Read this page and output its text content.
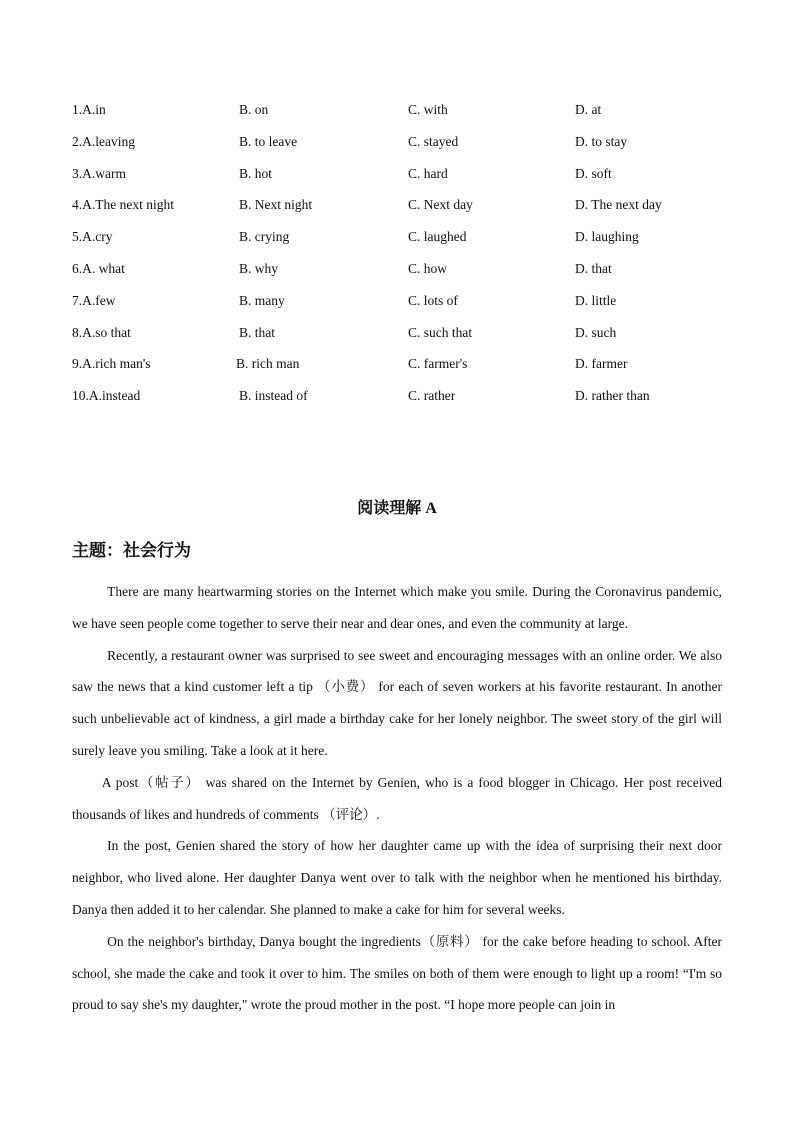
1.A.in	B. on	C. with	D. at
2.A.leaving	B. to leave	C. stayed	D. to stay
3.A.warm	B. hot	C. hard	D. soft
4.A.The next night	B. Next night	C. Next day	D. The next day
5.A.cry	B. crying	C. laughed	D. laughing
6.A. what	B. why	C. how	D. that
7.A.few	B. many	C. lots of	D. little
8.A.so that	B. that	C. such that	D. such
9.A.rich man's	B. rich man	C. farmer's	D. farmer
10.A.instead	B. instead of	C. rather	D. rather than
阅读理解 A
主题：社会行为

There are many heartwarming stories on the Internet which make you smile. During the Coronavirus pandemic, we have seen people come together to serve their near and dear ones, and even the community at large.

Recently, a restaurant owner was surprised to see sweet and encouraging messages with an online order. We also saw the news that a kind customer left a tip （小费） for each of seven workers at his favorite restaurant. In another such unbelievable act of kindness, a girl made a birthday cake for her lonely neighbor. The sweet story of the girl will surely leave you smiling. Take a look at it here.

A post（帖子） was shared on the Internet by Genien, who is a food blogger in Chicago. Her post received thousands of likes and hundreds of comments （评论）.

In the post, Genien shared the story of how her daughter came up with the idea of surprising their next door neighbor, who lived alone. Her daughter Danya went over to talk with the neighbor when he mentioned his birthday. Danya then added it to her calendar. She planned to make a cake for him for several weeks.

On the neighbor's birthday, Danya bought the ingredients（原料） for the cake before heading to school. After school, she made the cake and took it over to him. The smiles on both of them were enough to light up a room! “I'm so proud to say she's my daughter," wrote the proud mother in the post. “I hope more people can join in
